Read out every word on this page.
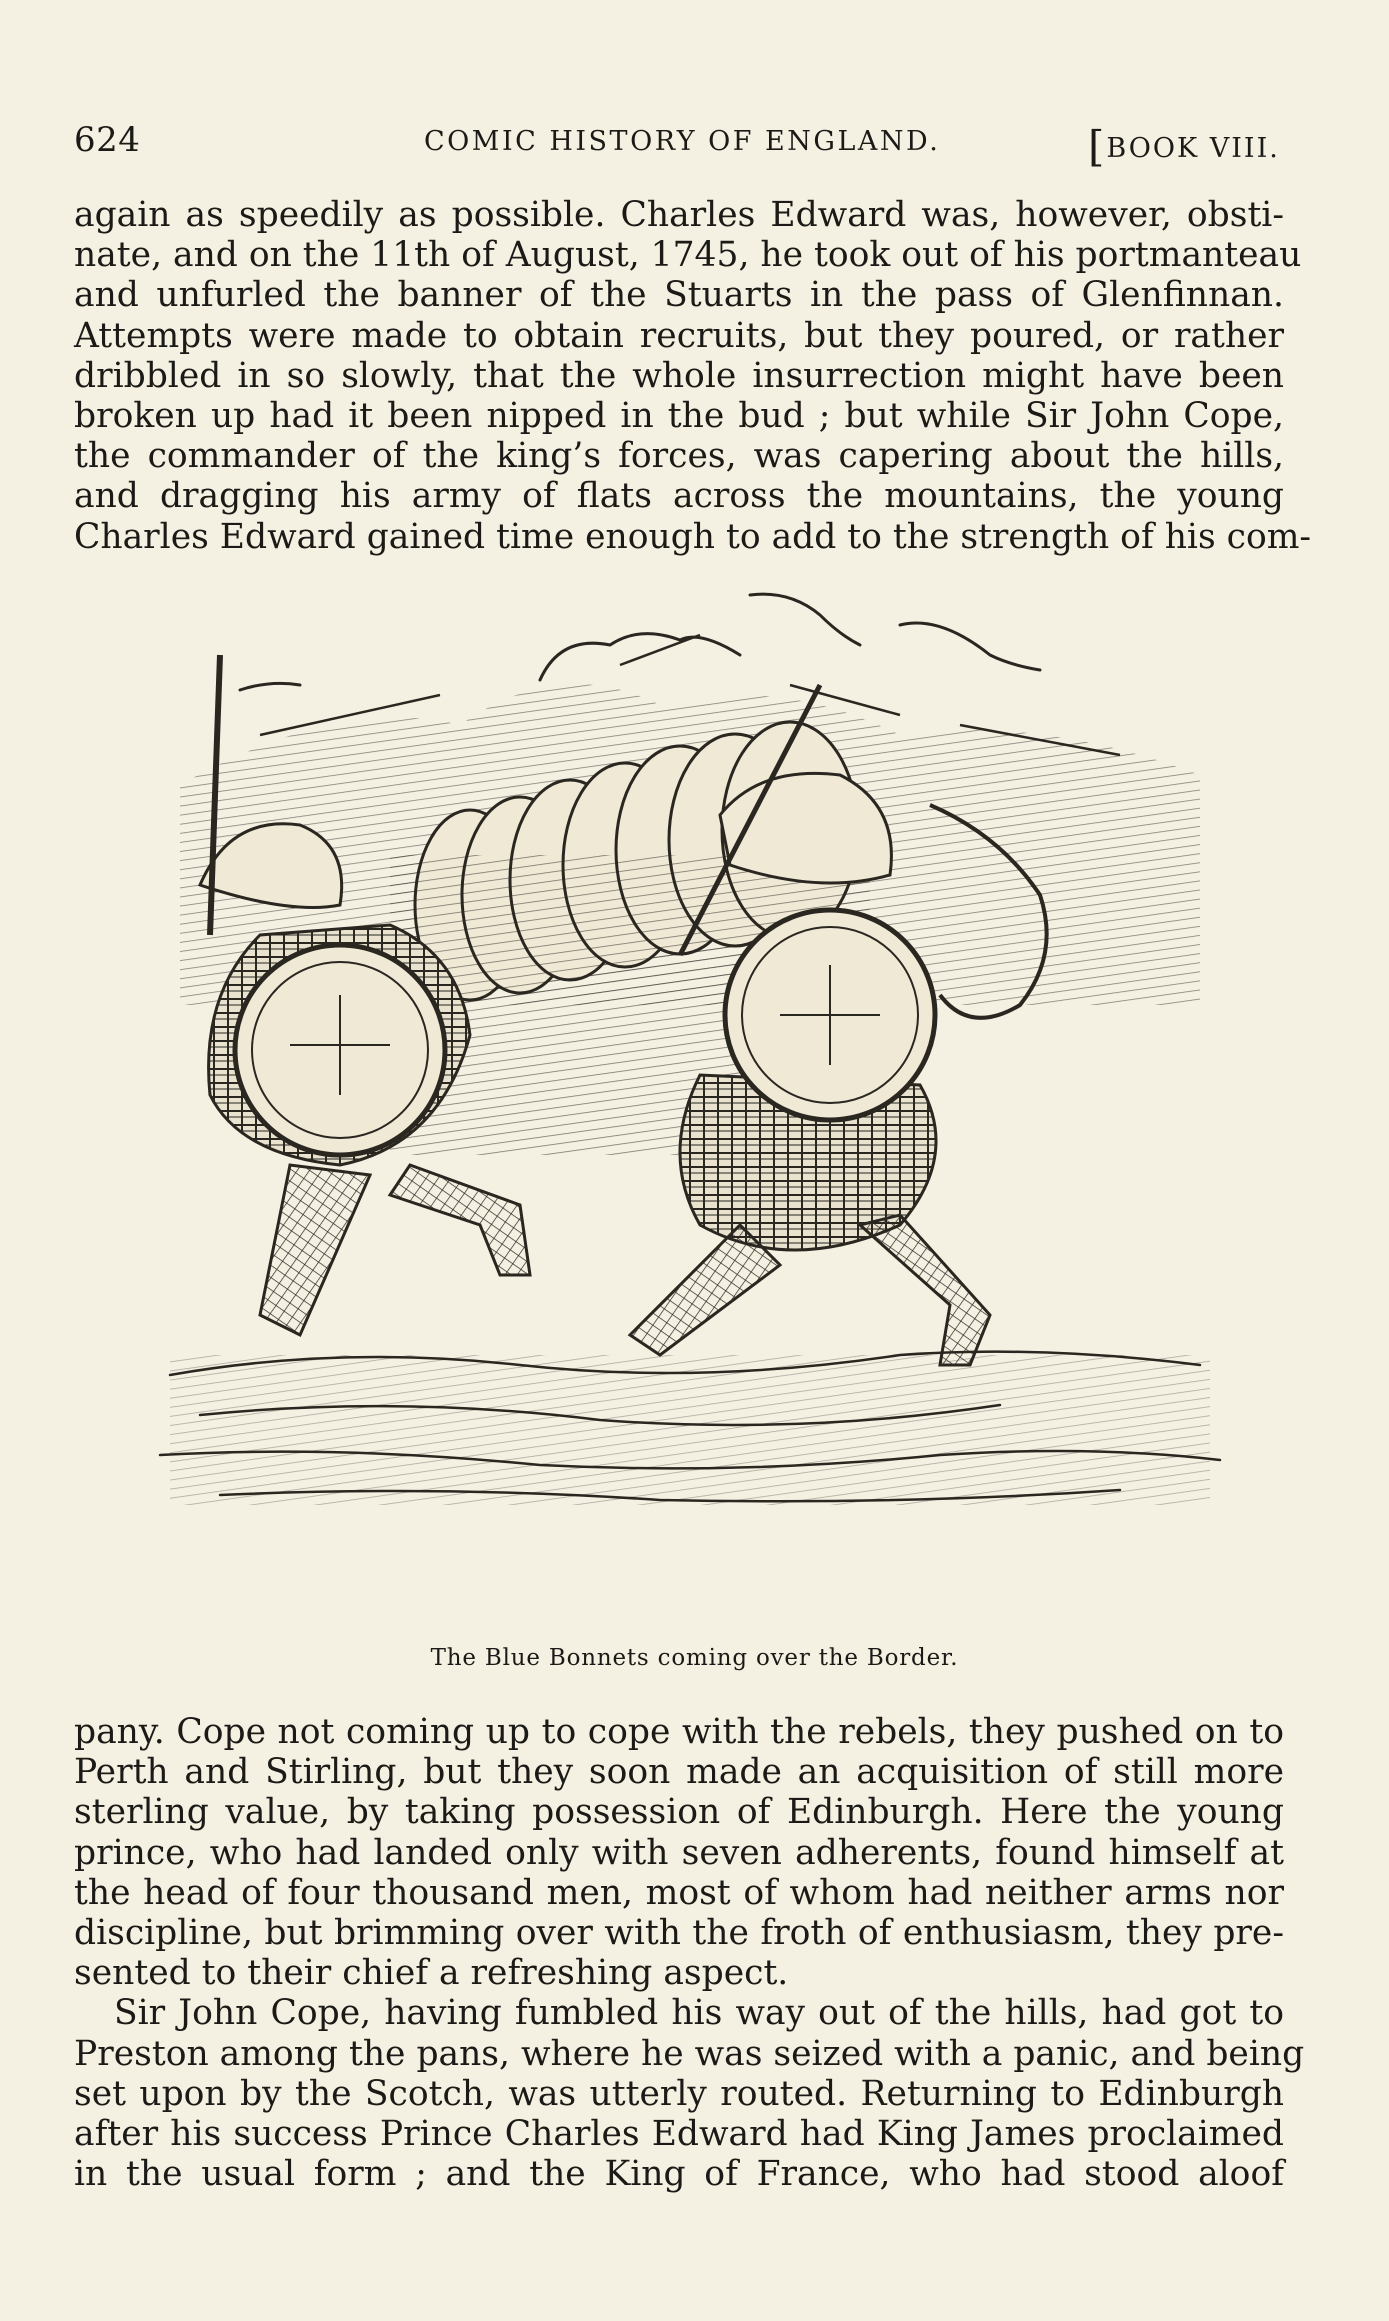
624	COMIC HISTORY OF ENGLAND.	[BOOK VIII.
again as speedily as possible. Charles Edward was, however, obsti-
nate, and on the 11th of August, 1745, he took out of his portmanteau
and unfurled the banner of the Stuarts in the pass of Glenfinnan.
Attempts were made to obtain recruits, but they poured, or rather
dribbled in so slowly, that the whole insurrection might have been
broken up had it been nipped in the bud ; but while Sir John Cope,
the commander of the king’s forces, was capering about the hills,
and dragging his army of flats across the mountains, the young
Charles Edward gained time enough to add to the strength of his com-
The Blue Bonnets coming over the Border.
pany. Cope not coming up to cope with the rebels, they pushed on to
Perth and Stirling, but they soon made an acquisition of still more
sterling value, by taking possession of Edinburgh. Here the young
prince, who had landed only with seven adherents, found himself at
the head of four thousand men, most of whom had neither arms nor
discipline, but brimming over with the froth of enthusiasm, they pre-
sented to their chief a refreshing aspect.
Sir John Cope, having fumbled his way out of the hills, had got to
Preston among the pans, where he was seized with a panic, and being
set upon by the Scotch, was utterly routed. Returning to Edinburgh
after his success Prince Charles Edward had King James proclaimed
in the usual form ; and the King of France, who had stood aloof
